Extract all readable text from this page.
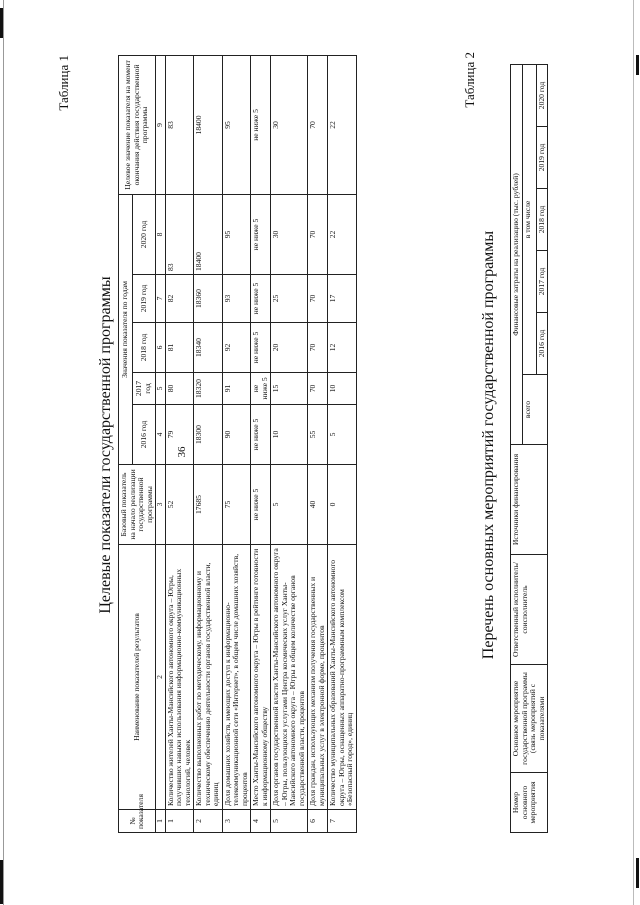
36
Таблица 1
Целевые показатели государственной программы
№ показателя	Наименование показателей результатов	Базовый показатель на начало реализации государственной программы	Значения показателя по годам					Целевое значение показателя на момент окончания действия государственной программы
			2016 год	2017 год	2018 год	2019 год	2020 год	
1	2	3	4	5	6	7	8	9
1	Количество жителей Ханты-Мансийского автономного округа – Югры, получивших навыки использования информационно-коммуникационных технологий, человек	52	79	80	81	82	83	83
2	Количество выполненных работ по методическому, информационному и техническому обеспечению деятельности органов государственной власти, единиц	17685	18300	18320	18340	18360	18400	18400
3	Доля домашних хозяйств, имеющих доступ к информационно-телекоммуникационной сети «Интернет», в общем числе домашних хозяйств, процентов	75	90	91	92	93	95	95
4	Место Ханты-Мансийского автономного округа – Югры в рейтинге готовности к информационному обществу	не ниже 5	не ниже 5	не ниже 5	не ниже 5	не ниже 5	не ниже 5	не ниже 5
5	Доля органов государственной власти Ханты-Мансийского автономного округа – Югры, пользующихся услугами Центра космических услуг Ханты-Мансийского автономного округа – Югры в общем количестве органов государственной власти, процентов	5	10	15	20	25	30	30
6	Доля граждан, использующих механизм получения государственных и муниципальных услуг в электронной форме, процентов	40	55	70	70	70	70	70
7	Количество муниципальных образований Ханты-Мансийского автономного округа – Югры, оснащенных аппаратно-программным комплексом «Безопасный город», единиц	0	5	10	12	17	22	22
Таблица 2
Перечень основных мероприятий государственной программы
Номер основного мероприятия	Основное мероприятие государственной программы (связь мероприятий с показателями	Ответственный исполнитель/соисполнитель	Источники финансирования	Финансовые затраты на реализацию (тыс. рублей)					
				всего	в том числе				
					2016 год	2017 год	2018 год	2019 год	2020 год
